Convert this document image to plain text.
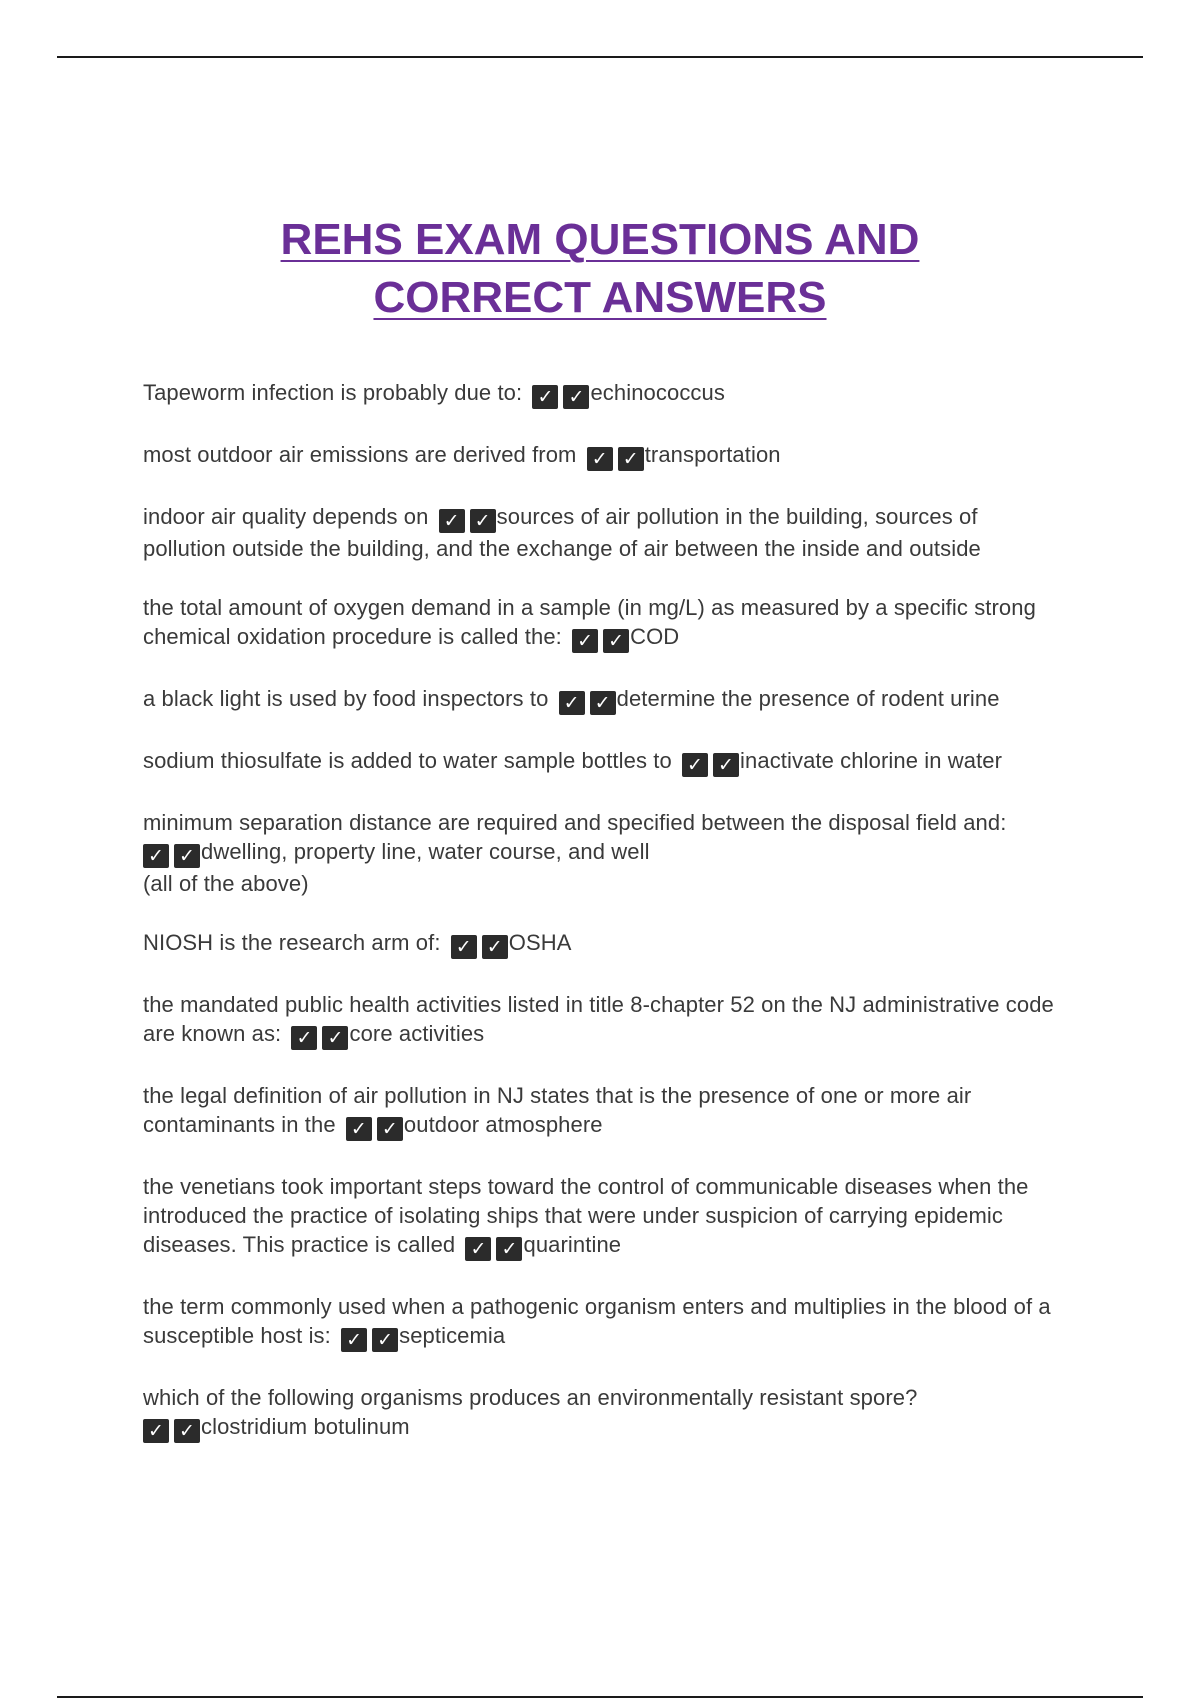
REHS EXAM QUESTIONS AND
CORRECT ANSWERS

Tapeworm infection is probably due to: ✓ ✓ echinococcus

most outdoor air emissions are derived from ✓ ✓ transportation

indoor air quality depends on ✓ ✓ sources of air pollution in the building, sources of pollution outside the building, and the exchange of air between the inside and outside

the total amount of oxygen demand in a sample (in mg/L) as measured by a specific strong chemical oxidation procedure is called the: ✓ ✓ COD

a black light is used by food inspectors to ✓ ✓ determine the presence of rodent urine

sodium thiosulfate is added to water sample bottles to ✓ ✓ inactivate chlorine in water

minimum separation distance are required and specified between the disposal field and:
✓ ✓ dwelling, property line, water course, and well
(all of the above)

NIOSH is the research arm of: ✓ ✓ OSHA

the mandated public health activities listed in title 8-chapter 52 on the NJ administrative code are known as: ✓ ✓ core activities

the legal definition of air pollution in NJ states that is the presence of one or more air contaminants in the ✓ ✓ outdoor atmosphere

the venetians took important steps toward the control of communicable diseases when the introduced the practice of isolating ships that were under suspicion of carrying epidemic diseases. This practice is called ✓ ✓ quarintine

the term commonly used when a pathogenic organism enters and multiplies in the blood of a susceptible host is: ✓ ✓ septicemia

which of the following organisms produces an environmentally resistant spore?
✓ ✓ clostridium botulinum
